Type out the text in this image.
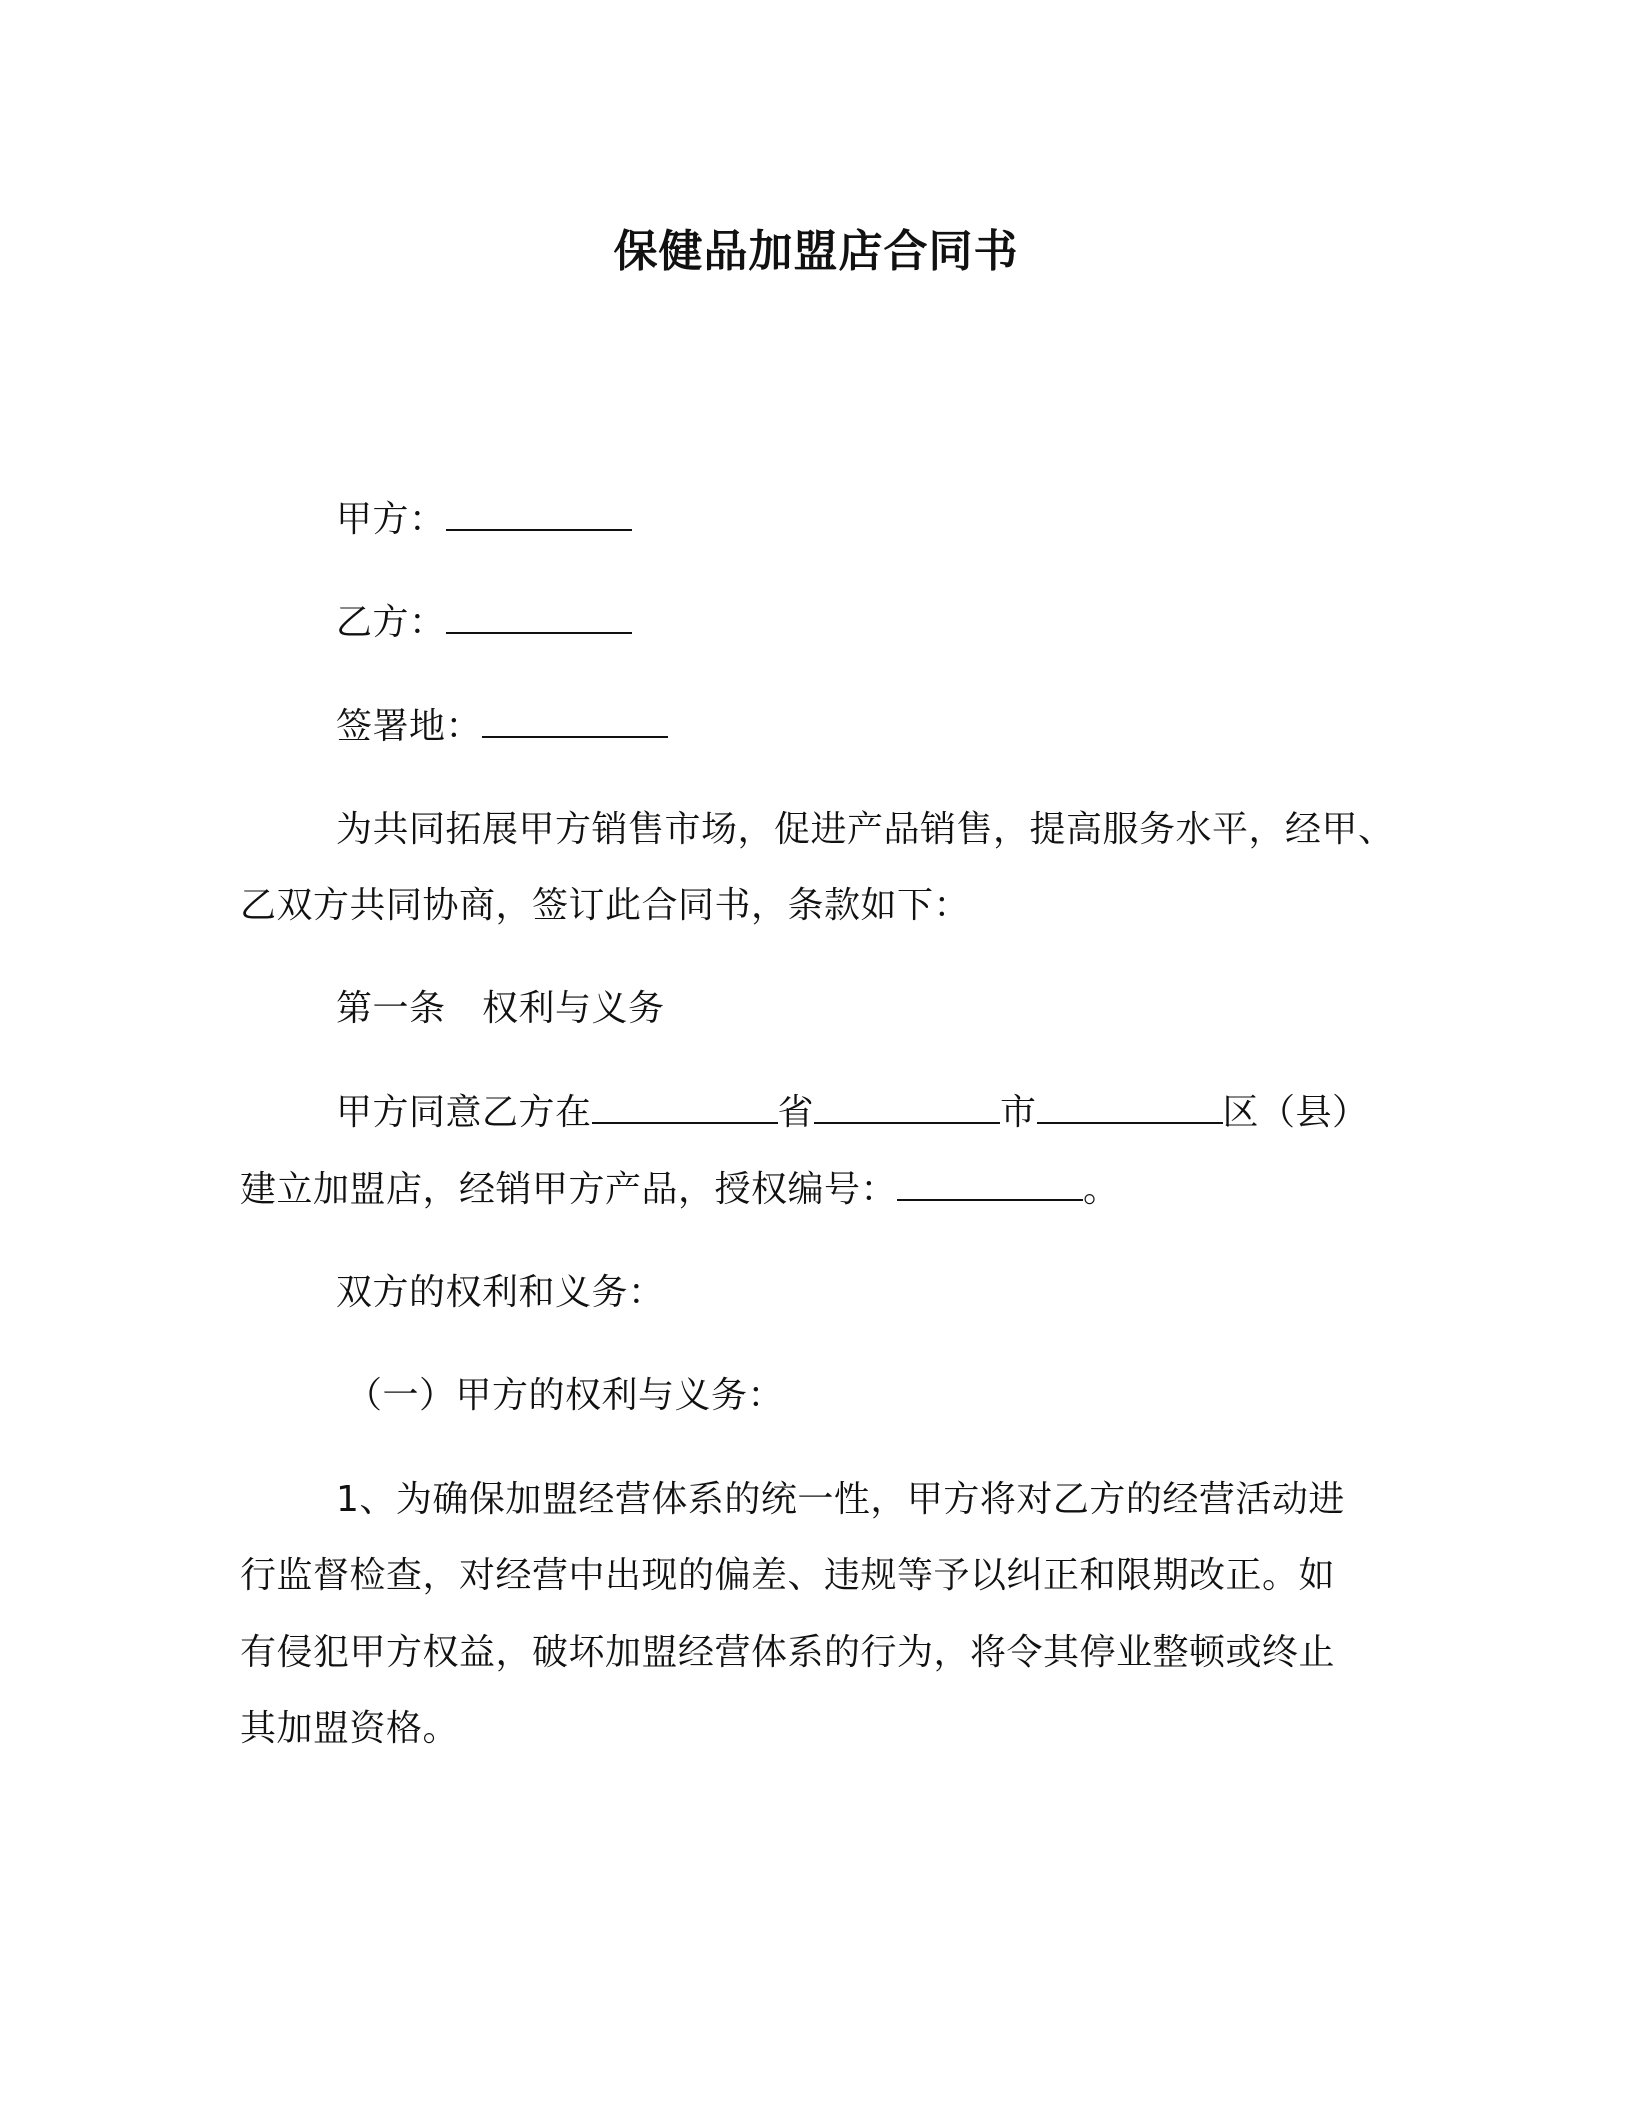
保健品加盟店合同书
甲方：
乙方：
签署地：
为共同拓展甲方销售市场，促进产品销售，提高服务水平，经甲、
乙双方共同协商，签订此合同书，条款如下：
第一条　权利与义务
甲方同意乙方在	省	市	区（县）
建立加盟店，经销甲方产品，授权编号：	。
双方的权利和义务：
（一）甲方的权利与义务：
1、为确保加盟经营体系的统一性，甲方将对乙方的经营活动进
行监督检查，对经营中出现的偏差、违规等予以纠正和限期改正。如
有侵犯甲方权益，破坏加盟经营体系的行为，将令其停业整顿或终止
其加盟资格。
